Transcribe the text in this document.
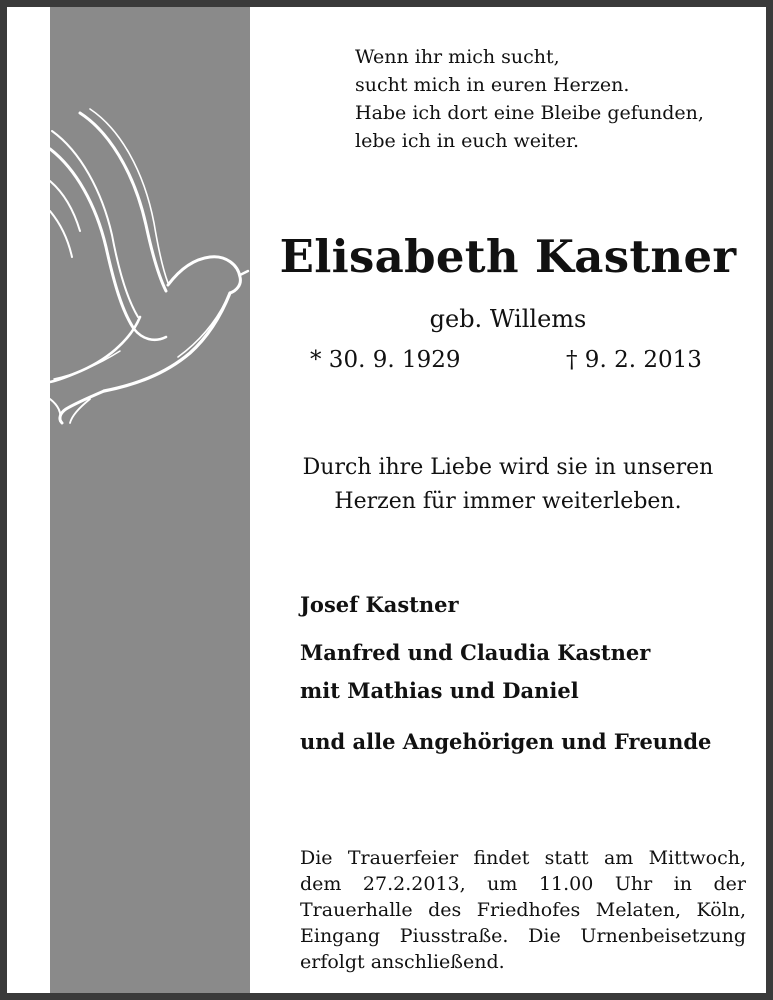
Wenn ihr mich sucht,
sucht mich in euren Herzen.
Habe ich dort eine Bleibe gefunden,
lebe ich in euch weiter.
Elisabeth Kastner
geb. Willems
* 30. 9. 1929	† 9. 2. 2013
Durch ihre Liebe wird sie in unseren
Herzen für immer weiterleben.
Josef Kastner
Manfred und Claudia Kastner
mit Mathias und Daniel
und alle Angehörigen und Freunde
Die Trauerfeier findet statt am Mittwoch,
dem 27.2.2013, um 11.00 Uhr in der
Trauerhalle des Friedhofes Melaten, Köln,
Eingang Piusstraße. Die Urnenbeisetzung
erfolgt anschließend.
